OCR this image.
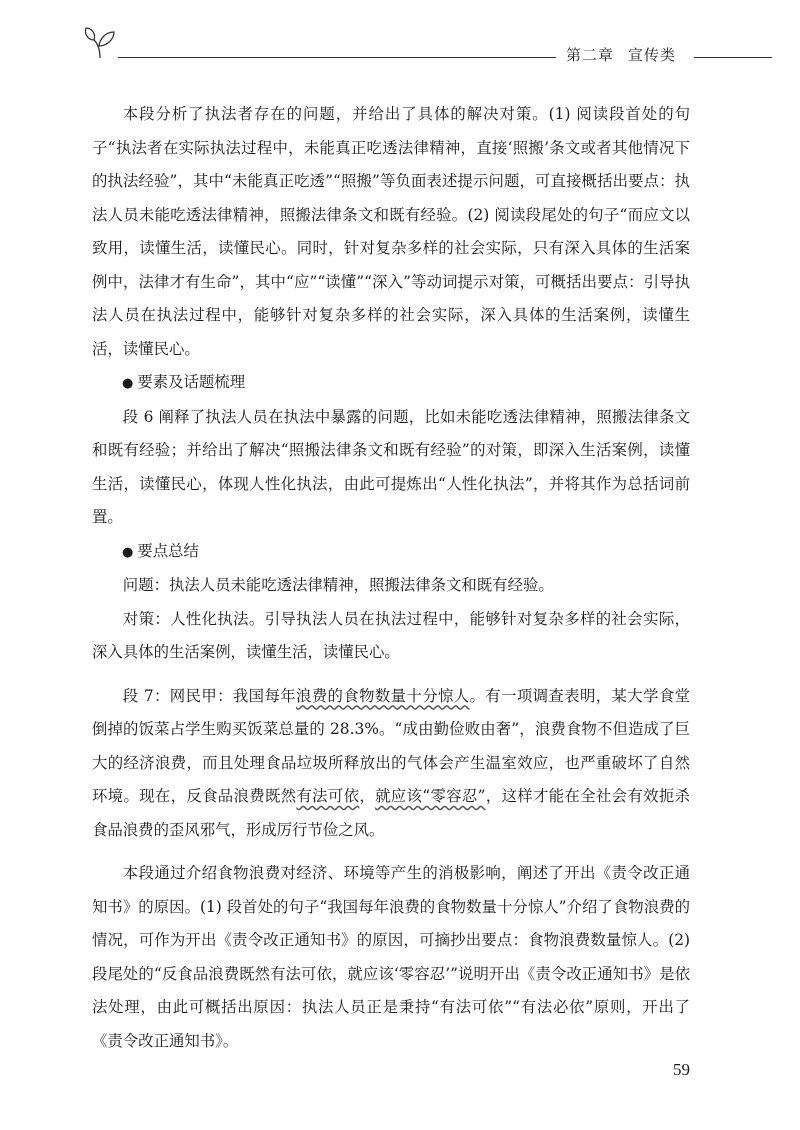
第二章 宣传类

本段分析了执法者存在的问题，并给出了具体的解决对策。(1) 阅读段首处的句子“执法者在实际执法过程中，未能真正吃透法律精神，直接‘照搬’条文或者其他情况下的执法经验”，其中“未能真正吃透”“照搬”等负面表述提示问题，可直接概括出要点：执法人员未能吃透法律精神，照搬法律条文和既有经验。(2) 阅读段尾处的句子“而应文以致用，读懂生活，读懂民心。同时，针对复杂多样的社会实际，只有深入具体的生活案例中，法律才有生命”，其中“应”“读懂”“深入”等动词提示对策，可概括出要点：引导执法人员在执法过程中，能够针对复杂多样的社会实际，深入具体的生活案例，读懂生活，读懂民心。

● 要素及话题梳理

段 6 阐释了执法人员在执法中暴露的问题，比如未能吃透法律精神，照搬法律条文和既有经验；并给出了解决“照搬法律条文和既有经验”的对策，即深入生活案例，读懂生活，读懂民心，体现人性化执法，由此可提炼出“人性化执法”，并将其作为总括词前置。

● 要点总结

问题：执法人员未能吃透法律精神，照搬法律条文和既有经验。

对策：人性化执法。引导执法人员在执法过程中，能够针对复杂多样的社会实际，深入具体的生活案例，读懂生活，读懂民心。

段 7：网民甲：我国每年浪费的食物数量十分惊人。有一项调查表明，某大学食堂倒掉的饭菜占学生购买饭菜总量的 28.3%。“成由勤俭败由奢”，浪费食物不但造成了巨大的经济浪费，而且处理食品垃圾所释放出的气体会产生温室效应，也严重破坏了自然环境。现在，反食品浪费既然有法可依，就应该“零容忍”，这样才能在全社会有效扼杀食品浪费的歪风邪气，形成厉行节俭之风。

本段通过介绍食物浪费对经济、环境等产生的消极影响，阐述了开出《责令改正通知书》的原因。(1) 段首处的句子“我国每年浪费的食物数量十分惊人”介绍了食物浪费的情况，可作为开出《责令改正通知书》的原因，可摘抄出要点：食物浪费数量惊人。(2) 段尾处的“反食品浪费既然有法可依，就应该‘零容忍’”说明开出《责令改正通知书》是依法处理，由此可概括出原因：执法人员正是秉持“有法可依”“有法必依”原则，开出了《责令改正通知书》。

59
